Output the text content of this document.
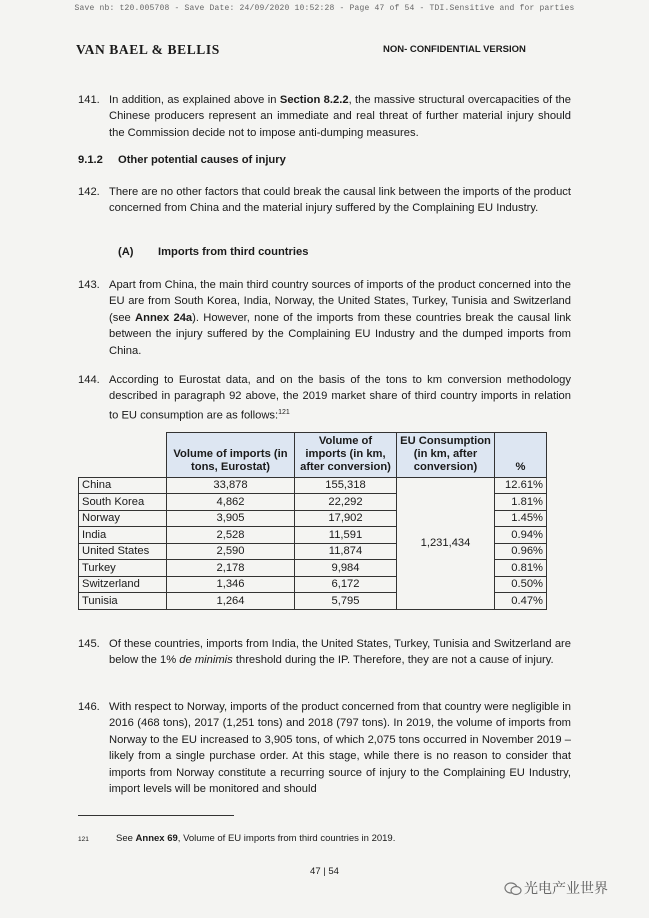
Save nb: t20.005708 - Save Date: 24/09/2020 10:52:28 - Page 47 of 54 - TDI.Sensitive and for parties
VAN BAEL & BELLIS	NON- CONFIDENTIAL VERSION
141. In addition, as explained above in Section 8.2.2, the massive structural overcapacities of the Chinese producers represent an immediate and real threat of further material injury should the Commission decide not to impose anti-dumping measures.
9.1.2 Other potential causes of injury
142. There are no other factors that could break the causal link between the imports of the product concerned from China and the material injury suffered by the Complaining EU Industry.
(A) Imports from third countries
143. Apart from China, the main third country sources of imports of the product concerned into the EU are from South Korea, India, Norway, the United States, Turkey, Tunisia and Switzerland (see Annex 24a). However, none of the imports from these countries break the causal link between the injury suffered by the Complaining EU Industry and the dumped imports from China.
144. According to Eurostat data, and on the basis of the tons to km conversion methodology described in paragraph 92 above, the 2019 market share of third country imports in relation to EU consumption are as follows:$^{121}$
	Volume of imports (in tons, Eurostat)	Volume of imports (in km, after conversion)	EU Consumption (in km, after conversion)	%
China	33,878	155,318	1,231,434	12.61%
South Korea	4,862	22,292		1.81%
Norway	3,905	17,902		1.45%
India	2,528	11,591		0.94%
United States	2,590	11,874		0.96%
Turkey	2,178	9,984		0.81%
Switzerland	1,346	6,172		0.50%
Tunisia	1,264	5,795		0.47%
145. Of these countries, imports from India, the United States, Turkey, Tunisia and Switzerland are below the 1% de minimis threshold during the IP. Therefore, they are not a cause of injury.
146. With respect to Norway, imports of the product concerned from that country were negligible in 2016 (468 tons), 2017 (1,251 tons) and 2018 (797 tons). In 2019, the volume of imports from Norway to the EU increased to 3,905 tons, of which 2,075 tons occurred in November 2019 – likely from a single purchase order. At this stage, while there is no reason to consider that imports from Norway constitute a recurring source of injury to the Complaining EU Industry, import levels will be monitored and should
121	See Annex 69, Volume of EU imports from third countries in 2019.
47 | 54
光电产业世界
